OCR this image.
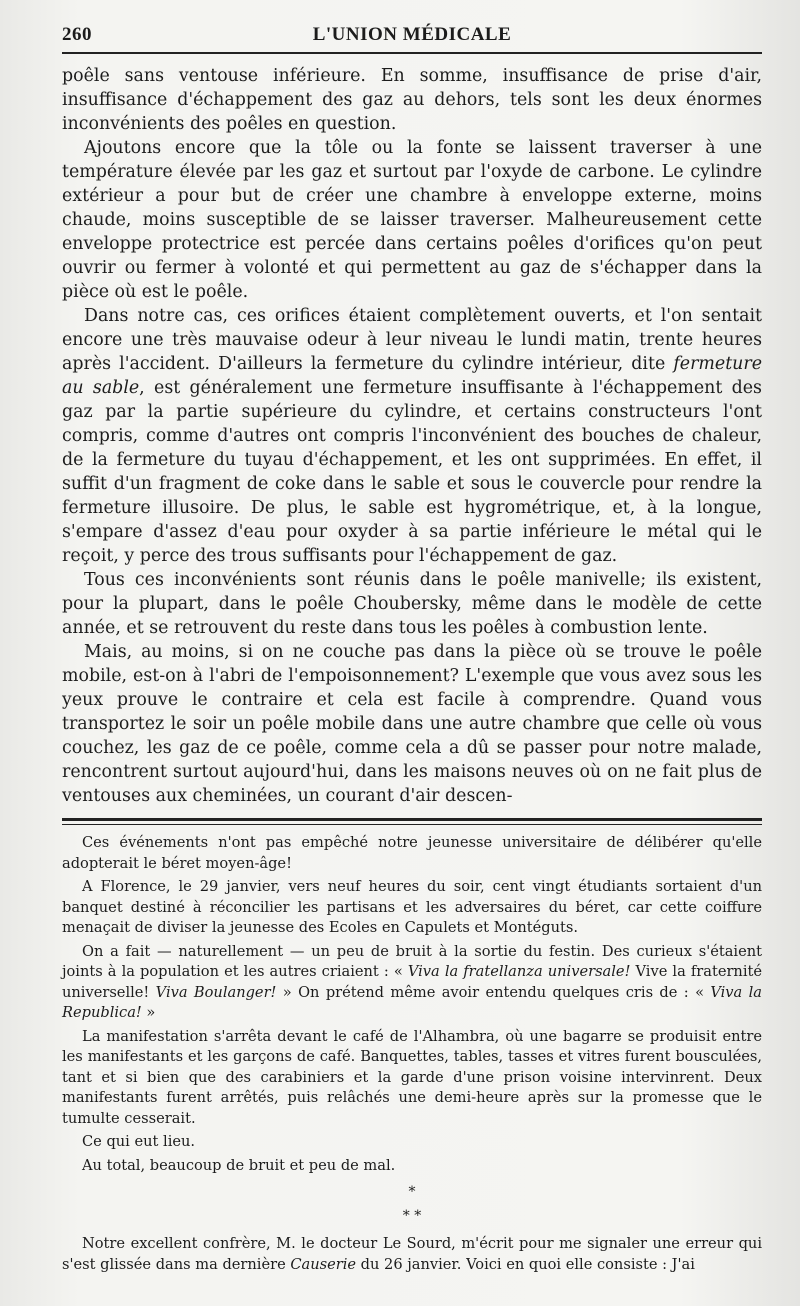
260	L'UNION MÉDICALE

poêle sans ventouse inférieure. En somme, insuffisance de prise d'air, insuffisance d'échappement des gaz au dehors, tels sont les deux énormes inconvénients des poêles en question.

Ajoutons encore que la tôle ou la fonte se laissent traverser à une température élevée par les gaz et surtout par l'oxyde de carbone. Le cylindre extérieur a pour but de créer une chambre à enveloppe externe, moins chaude, moins susceptible de se laisser traverser. Malheureusement cette enveloppe protectrice est percée dans certains poêles d'orifices qu'on peut ouvrir ou fermer à volonté et qui permettent au gaz de s'échapper dans la pièce où est le poêle.

Dans notre cas, ces orifices étaient complètement ouverts, et l'on sentait encore une très mauvaise odeur à leur niveau le lundi matin, trente heures après l'accident. D'ailleurs la fermeture du cylindre intérieur, dite fermeture au sable, est généralement une fermeture insuffisante à l'échappement des gaz par la partie supérieure du cylindre, et certains constructeurs l'ont compris, comme d'autres ont compris l'inconvénient des bouches de chaleur, de la fermeture du tuyau d'échappement, et les ont supprimées. En effet, il suffit d'un fragment de coke dans le sable et sous le couvercle pour rendre la fermeture illusoire. De plus, le sable est hygrométrique, et, à la longue, s'empare d'assez d'eau pour oxyder à sa partie inférieure le métal qui le reçoit, y perce des trous suffisants pour l'échappement de gaz.

Tous ces inconvénients sont réunis dans le poêle manivelle; ils existent, pour la plupart, dans le poêle Choubersky, même dans le modèle de cette année, et se retrouvent du reste dans tous les poêles à combustion lente.

Mais, au moins, si on ne couche pas dans la pièce où se trouve le poêle mobile, est-on à l'abri de l'empoisonnement? L'exemple que vous avez sous les yeux prouve le contraire et cela est facile à comprendre. Quand vous transportez le soir un poêle mobile dans une autre chambre que celle où vous couchez, les gaz de ce poêle, comme cela a dû se passer pour notre malade, rencontrent surtout aujourd'hui, dans les maisons neuves où on ne fait plus de ventouses aux cheminées, un courant d'air descen-

Ces événements n'ont pas empêché notre jeunesse universitaire de délibérer qu'elle adopterait le béret moyen-âge!

A Florence, le 29 janvier, vers neuf heures du soir, cent vingt étudiants sortaient d'un banquet destiné à réconcilier les partisans et les adversaires du béret, car cette coiffure menaçait de diviser la jeunesse des Ecoles en Capulets et Montéguts.

On a fait — naturellement — un peu de bruit à la sortie du festin. Des curieux s'étaient joints à la population et les autres criaient : « Viva la fratellanza universale! Vive la fraternité universelle! Viva Boulanger! » On prétend même avoir entendu quelques cris de : « Viva la Republica! »

La manifestation s'arrêta devant le café de l'Alhambra, où une bagarre se produisit entre les manifestants et les garçons de café. Banquettes, tables, tasses et vitres furent bousculées, tant et si bien que des carabiniers et la garde d'une prison voisine intervinrent. Deux manifestants furent arrêtés, puis relâchés une demi-heure après sur la promesse que le tumulte cesserait.

Ce qui eut lieu.

Au total, beaucoup de bruit et peu de mal.

*
* *

Notre excellent confrère, M. le docteur Le Sourd, m'écrit pour me signaler une erreur qui s'est glissée dans ma dernière Causerie du 26 janvier. Voici en quoi elle consiste : J'ai
